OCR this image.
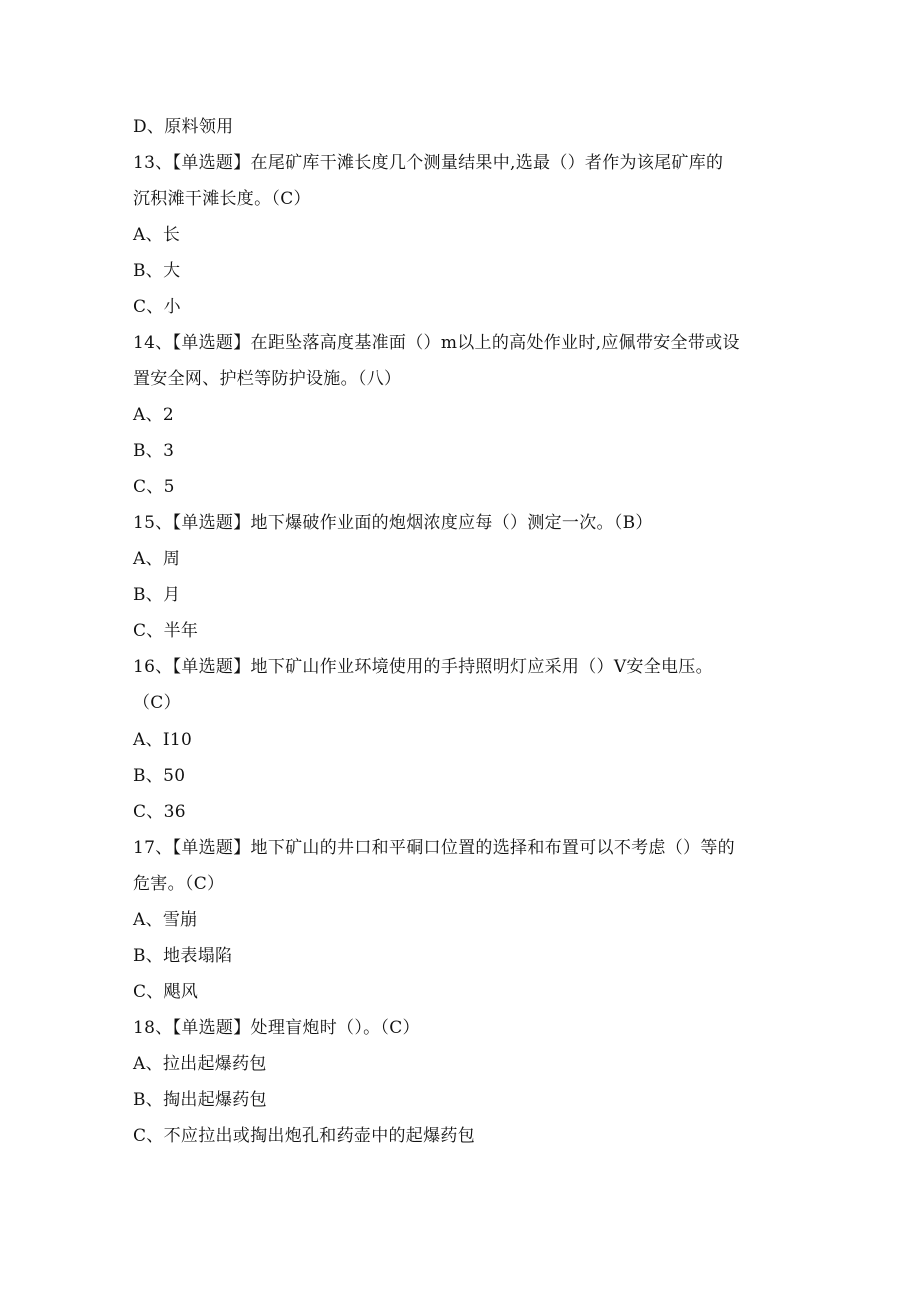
D、原料领用
13、【单选题】在尾矿库干滩长度几个测量结果中,选最（）者作为该尾矿库的
沉积滩干滩长度。（C）
A、长
B、大
C、小
14、【单选题】在距坠落高度基准面（）m以上的高处作业时,应佩带安全带或设
置安全网、护栏等防护设施。（八）
A、2
B、3
C、5
15、【单选题】地下爆破作业面的炮烟浓度应每（）测定一次。（B）
A、周
B、月
C、半年
16、【单选题】地下矿山作业环境使用的手持照明灯应采用（）V安全电压。
（C）
A、I10
B、50
C、36
17、【单选题】地下矿山的井口和平硐口位置的选择和布置可以不考虑（）等的
危害。（C）
A、雪崩
B、地表塌陷
C、飓风
18、【单选题】处理盲炮时（）。（C）
A、拉出起爆药包
B、掏出起爆药包
C、不应拉出或掏出炮孔和药壶中的起爆药包
